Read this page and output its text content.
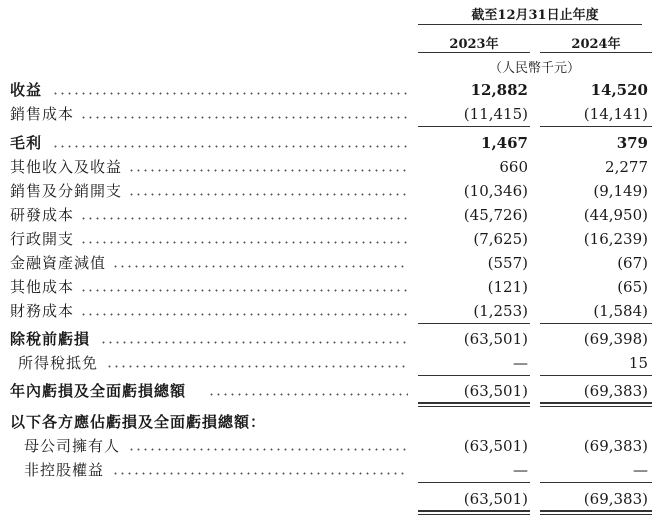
截至12月31日止年度
2023年	2024年
（人民幣千元）
收益	12,882	14,520
銷售成本	(11,415)	(14,141)
毛利	1,467	379
其他收入及收益	660	2,277
銷售及分銷開支	(10,346)	(9,149)
研發成本	(45,726)	(44,950)
行政開支	(7,625)	(16,239)
金融資產減值	(557)	(67)
其他成本	(121)	(65)
財務成本	(1,253)	(1,584)
除稅前虧損	(63,501)	(69,398)
所得稅抵免	—	15
年內虧損及全面虧損總額	(63,501)	(69,383)
以下各方應佔虧損及全面虧損總額：
母公司擁有人	(63,501)	(69,383)
非控股權益	—	—
(63,501)	(69,383)
